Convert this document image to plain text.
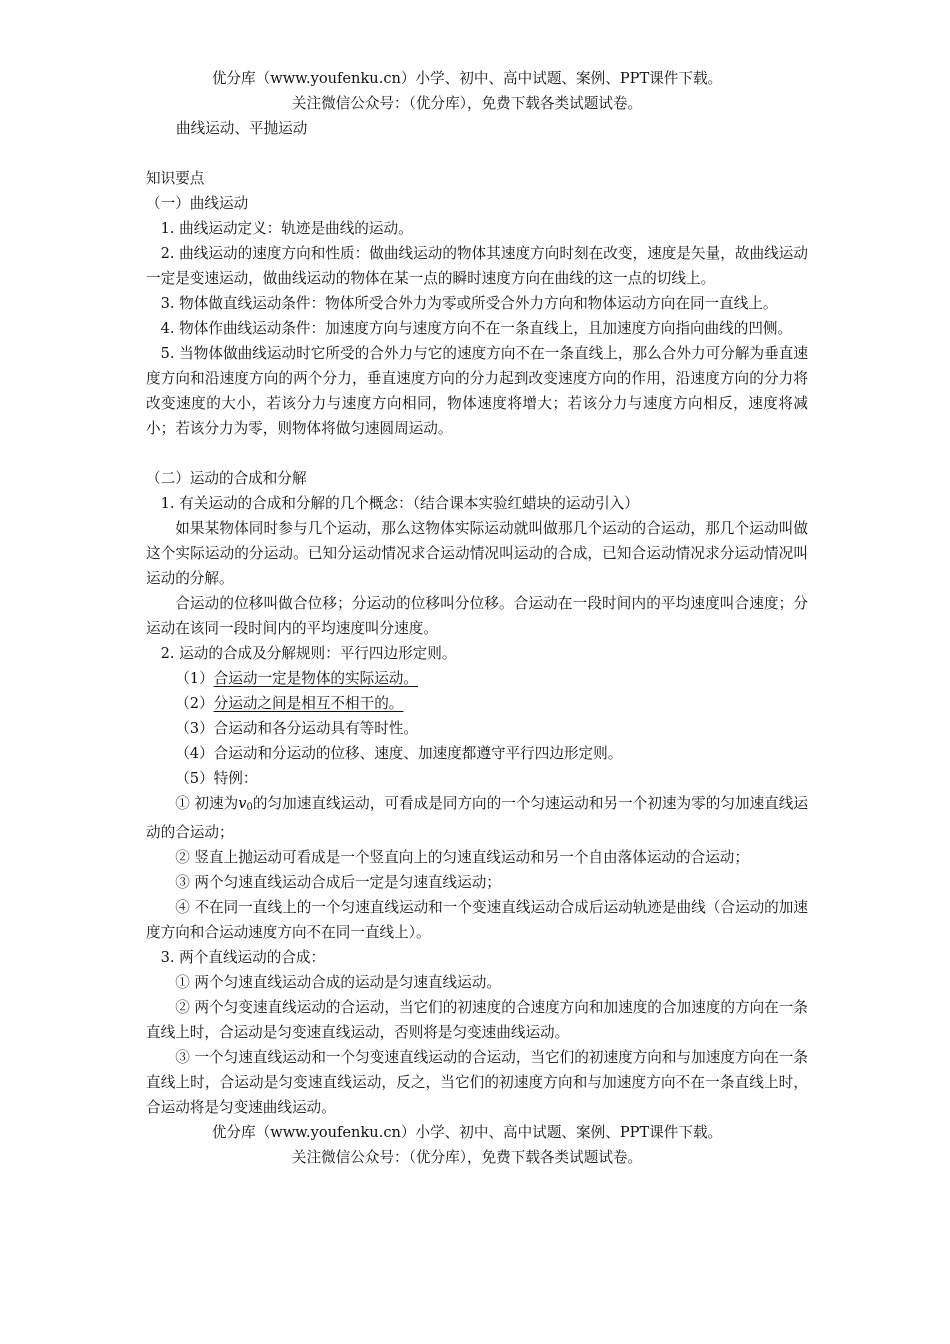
优分库（www.youfenku.cn）小学、初中、高中试题、案例、PPT课件下载。

关注微信公众号：（优分库），免费下载各类试题试卷。

曲线运动、平抛运动

知识要点

（一）曲线运动

1. 曲线运动定义：轨迹是曲线的运动。

2. 曲线运动的速度方向和性质：做曲线运动的物体其速度方向时刻在改变，速度是矢量，故曲线运动一定是变速运动，做曲线运动的物体在某一点的瞬时速度方向在曲线的这一点的切线上。

3. 物体做直线运动条件：物体所受合外力为零或所受合外力方向和物体运动方向在同一直线上。

4. 物体作曲线运动条件：加速度方向与速度方向不在一条直线上，且加速度方向指向曲线的凹侧。

5. 当物体做曲线运动时它所受的合外力与它的速度方向不在一条直线上，那么合外力可分解为垂直速度方向和沿速度方向的两个分力，垂直速度方向的分力起到改变速度方向的作用，沿速度方向的分力将改变速度的大小，若该分力与速度方向相同，物体速度将增大；若该分力与速度方向相反，速度将减小；若该分力为零，则物体将做匀速圆周运动。

（二）运动的合成和分解

1. 有关运动的合成和分解的几个概念：（结合课本实验红蜡块的运动引入）

如果某物体同时参与几个运动，那么这物体实际运动就叫做那几个运动的合运动，那几个运动叫做这个实际运动的分运动。已知分运动情况求合运动情况叫运动的合成，已知合运动情况求分运动情况叫运动的分解。

合运动的位移叫做合位移；分运动的位移叫分位移。合运动在一段时间内的平均速度叫合速度；分运动在该同一段时间内的平均速度叫分速度。

2. 运动的合成及分解规则：平行四边形定则。

（1）合运动一定是物体的实际运动。

（2）分运动之间是相互不相干的。

（3）合运动和各分运动具有等时性。

（4）合运动和分运动的位移、速度、加速度都遵守平行四边形定则。

（5）特例：

① 初速为$v_0$的匀加速直线运动，可看成是同方向的一个匀速运动和另一个初速为零的匀加速直线运动的合运动；

② 竖直上抛运动可看成是一个竖直向上的匀速直线运动和另一个自由落体运动的合运动；

③ 两个匀速直线运动合成后一定是匀速直线运动；

④ 不在同一直线上的一个匀速直线运动和一个变速直线运动合成后运动轨迹是曲线（合运动的加速度方向和合运动速度方向不在同一直线上）。

3. 两个直线运动的合成：

① 两个匀速直线运动合成的运动是匀速直线运动。

② 两个匀变速直线运动的合运动，当它们的初速度的合速度方向和加速度的合加速度的方向在一条直线上时，合运动是匀变速直线运动，否则将是匀变速曲线运动。

③ 一个匀速直线运动和一个匀变速直线运动的合运动，当它们的初速度方向和与加速度方向在一条直线上时，合运动是匀变速直线运动，反之，当它们的初速度方向和与加速度方向不在一条直线上时，合运动将是匀变速曲线运动。

优分库（www.youfenku.cn）小学、初中、高中试题、案例、PPT课件下载。

关注微信公众号：（优分库），免费下载各类试题试卷。
